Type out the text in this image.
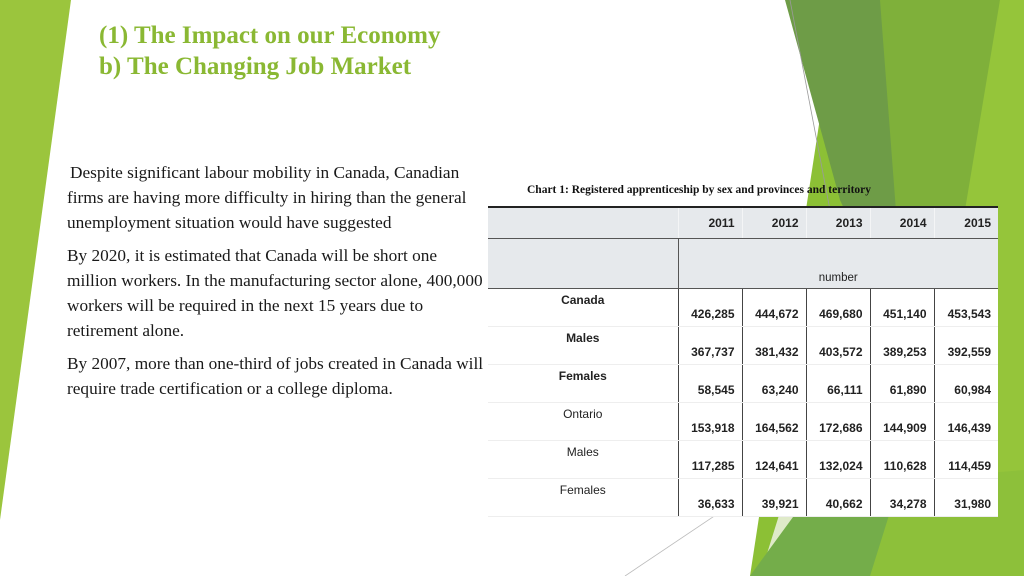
(1) The Impact on our Economy
b) The Changing Job Market

Despite significant labour mobility in Canada, Canadian firms are having more difficulty in hiring than the general unemployment situation would have suggested

By 2020, it is estimated that Canada will be short one million workers. In the manufacturing sector alone, 400,000 workers will be required in the next 15 years due to retirement alone.

By 2007, more than one-third of jobs created in Canada will require trade certification or a college diploma.

Chart 1: Registered apprenticeship by sex and provinces and territory
	2011	2012	2013	2014	2015
	number				
Canada	426,285	444,672	469,680	451,140	453,543
Males	367,737	381,432	403,572	389,253	392,559
Females	58,545	63,240	66,111	61,890	60,984
Ontario	153,918	164,562	172,686	144,909	146,439
Males	117,285	124,641	132,024	110,628	114,459
Females	36,633	39,921	40,662	34,278	31,980
